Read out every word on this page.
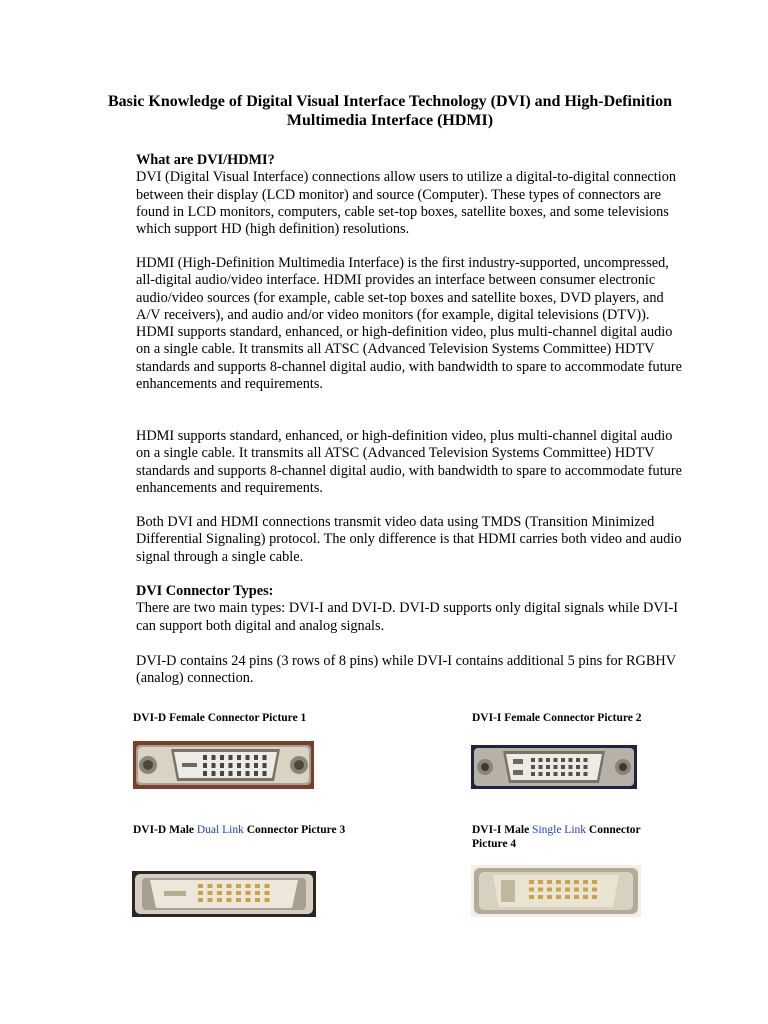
Basic Knowledge of Digital Visual Interface Technology (DVI) and High-Definition Multimedia Interface (HDMI)
What are DVI/HDMI?
DVI (Digital Visual Interface) connections allow users to utilize a digital-to-digital connection between their display (LCD monitor) and source (Computer). These types of connectors are found in LCD monitors, computers, cable set-top boxes, satellite boxes, and some televisions which support HD (high definition) resolutions.

HDMI (High-Definition Multimedia Interface) is the first industry-supported, uncompressed, all-digital audio/video interface. HDMI provides an interface between consumer electronic audio/video sources (for example, cable set-top boxes and satellite boxes, DVD players, and A/V receivers), and audio and/or video monitors (for example, digital televisions (DTV)). HDMI supports standard, enhanced, or high-definition video, plus multi-channel digital audio on a single cable. It transmits all ATSC (Advanced Television Systems Committee) HDTV standards and supports 8-channel digital audio, with bandwidth to spare to accommodate future enhancements and requirements.

HDMI supports standard, enhanced, or high-definition video, plus multi-channel digital audio on a single cable. It transmits all ATSC (Advanced Television Systems Committee) HDTV standards and supports 8-channel digital audio, with bandwidth to spare to accommodate future enhancements and requirements.

Both DVI and HDMI connections transmit video data using TMDS (Transition Minimized Differential Signaling) protocol. The only difference is that HDMI carries both video and audio signal through a single cable.

DVI Connector Types:
There are two main types: DVI-I and DVI-D. DVI-D supports only digital signals while DVI-I can support both digital and analog signals.

DVI-D contains 24 pins (3 rows of 8 pins) while DVI-I contains additional 5 pins for RGBHV (analog) connection.

DVI-D Female Connector Picture 1	DVI-I Female Connector Picture 2

DVI-D Male Dual Link Connector Picture 3	DVI-I Male Single Link Connector
Picture 4
